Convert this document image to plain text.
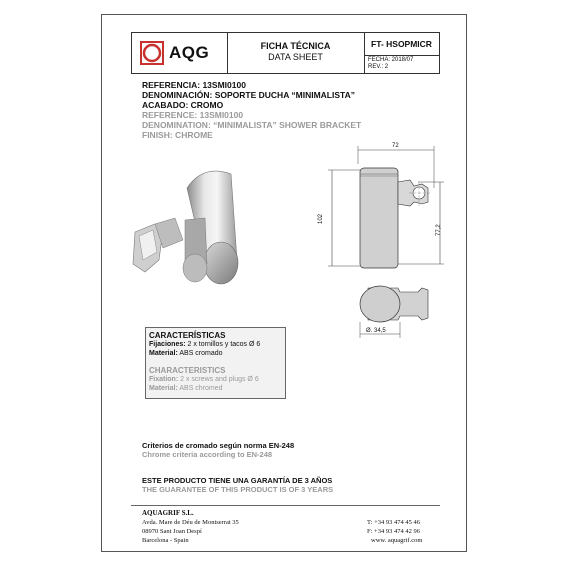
AQG	FICHA TÉCNICA
DATA SHEET
FT- HSOPMICR
FECHA: 2018/07
REV.: 2
REFERENCIA: 13SMI0100
DENOMINACIÓN: SOPORTE DUCHA “MINIMALISTA”
ACABADO: CROMO
REFERENCE: 13SMI0100
DENOMINATION: “MINIMALISTA” SHOWER BRACKET
FINISH: CHROME
72
102
77,2
Ø. 34,5
CARACTERÍSTICAS
Fijaciones: 2 x tornillos y tacos Ø 6
Material: ABS cromado
CHARACTERISTICS
Fixation: 2 x screws and plugs Ø 6
Material: ABS chromed
Criterios de cromado según norma EN-248
Chrome criteria according to EN-248
ESTE PRODUCTO TIENE UNA GARANTÍA DE 3 AÑOS
THE GUARANTEE OF THIS PRODUCT IS OF 3 YEARS
AQUAGRIF S.L.
Avda. Mare de Déu de Montserrat 35
08970 Sant Joan Despí
Barcelona - Spain
T: +34 93 474 45 46
F: +34 93 474 42 96
www. aquagrif.com
